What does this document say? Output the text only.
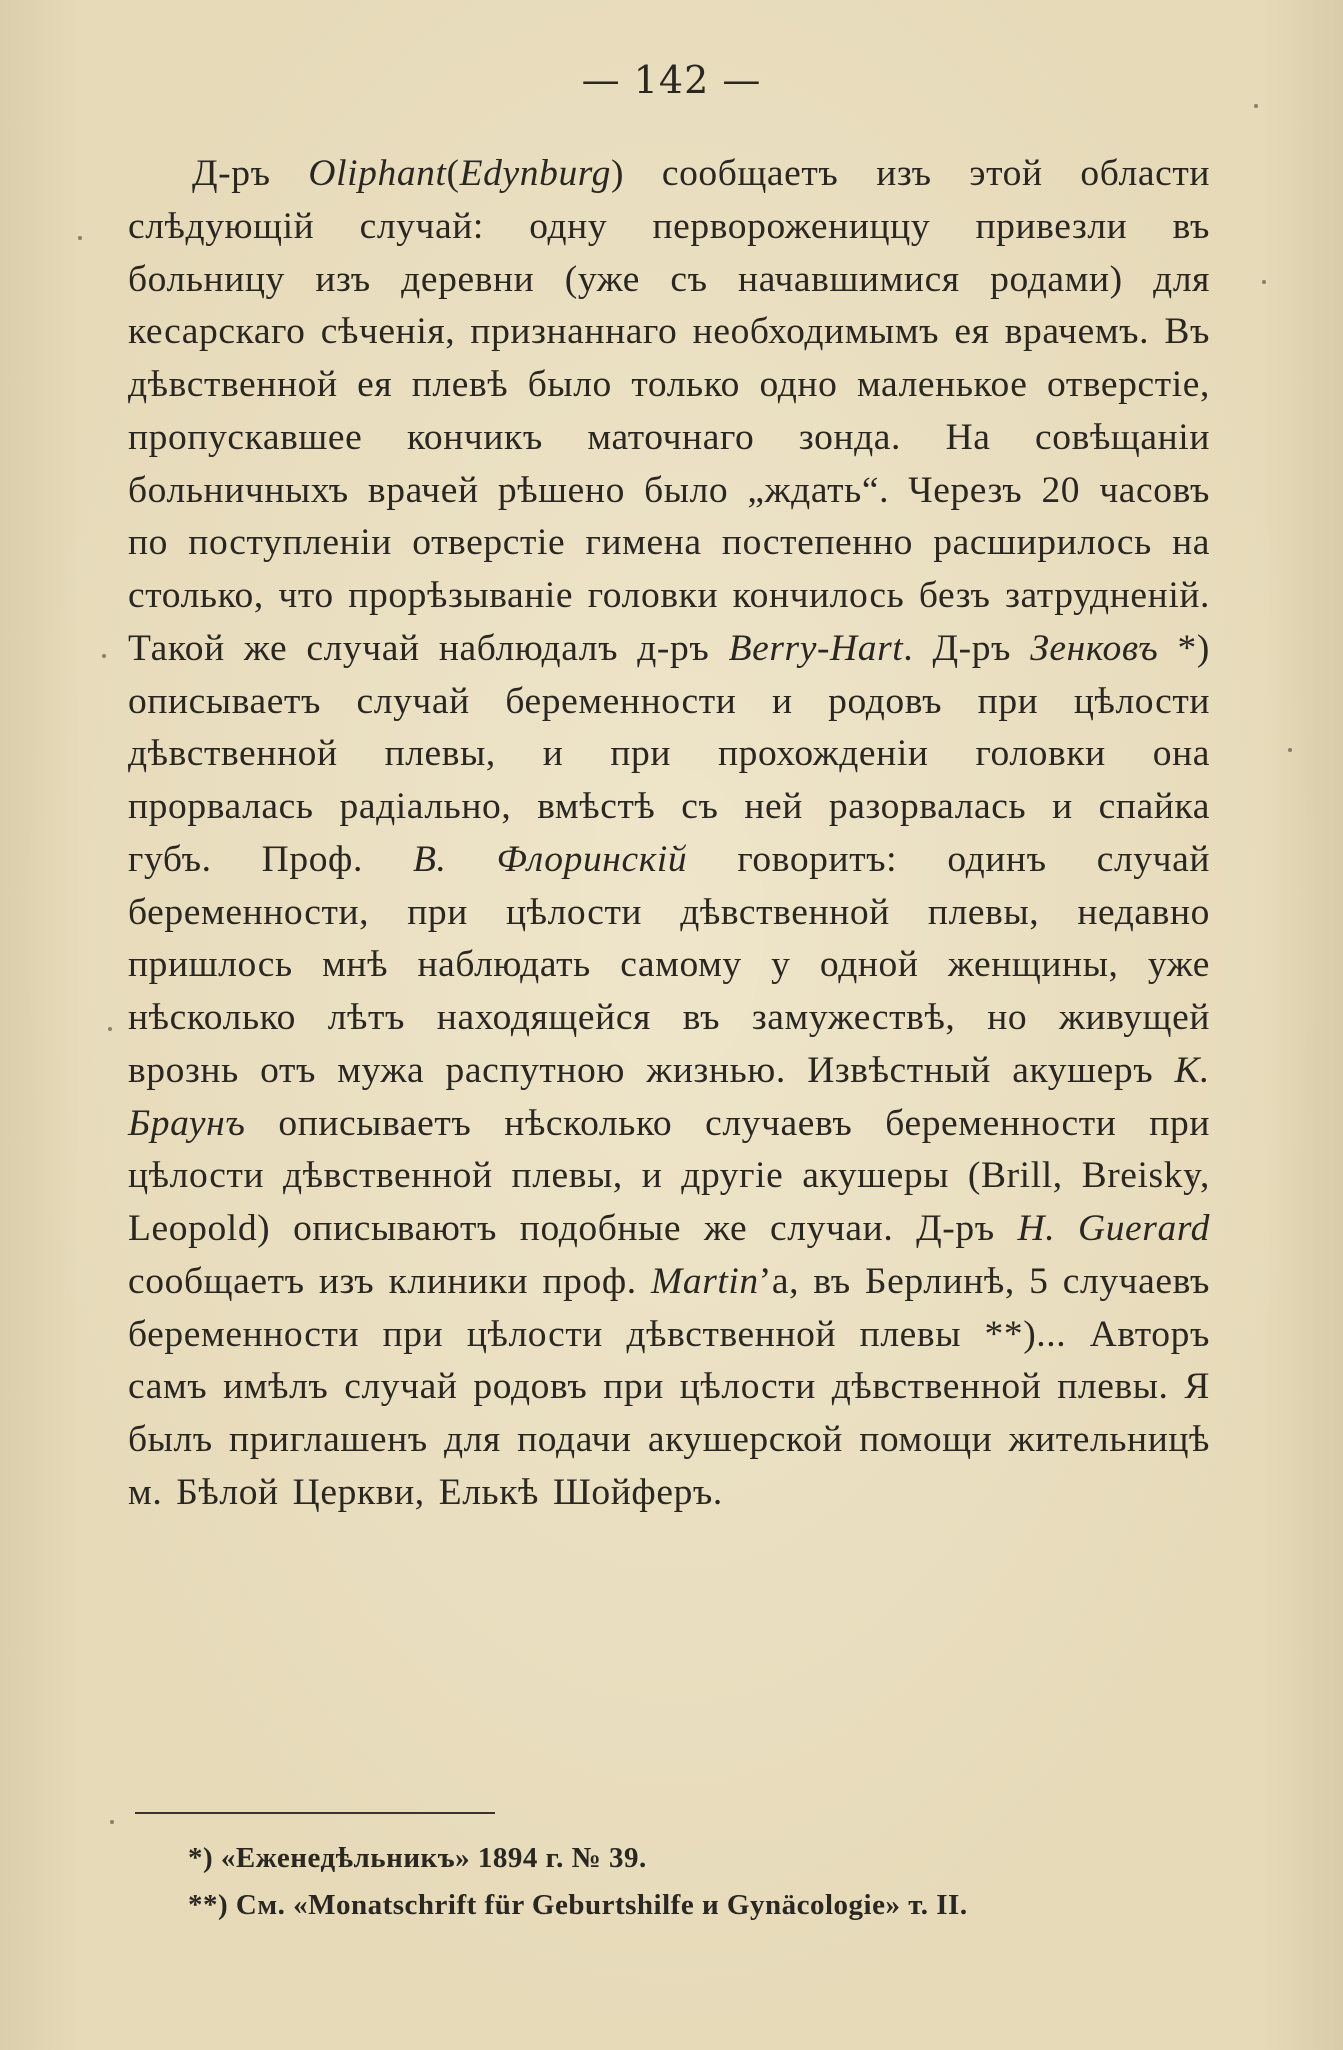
— 142 —

Д-ръ Oliphant(Edynburg) сообщаетъ изъ этой области слѣдующій случай: одну перворожениццу привезли въ больницу изъ деревни (уже съ начавшимися родами) для кесарскаго сѣченія, признаннаго необходимымъ ея врачемъ. Въ дѣвственной ея плевѣ было только одно маленькое отверстіе, пропускавшее кончикъ маточнаго зонда. На совѣщаніи больничныхъ врачей рѣшено было „ждать“. Черезъ 20 часовъ по поступленіи отверстіе гимена постепенно расширилось на столько, что прорѣзываніе головки кончилось безъ затрудненій. Такой же случай наблюдалъ д-ръ Berry-Hart. Д-ръ Зенковъ *) описываетъ случай беременности и родовъ при цѣлости дѣвственной плевы, и при прохожденіи головки она прорвалась радіально, вмѣстѣ съ ней разорвалась и спайка губъ. Проф. В. Флоринскій говоритъ: одинъ случай беременности, при цѣлости дѣвственной плевы, недавно пришлось мнѣ наблюдать самому у одной женщины, уже нѣсколько лѣтъ находящейся въ замужествѣ, но живущей врознь отъ мужа распутною жизнью. Извѣстный акушеръ К. Браунъ описываетъ нѣсколько случаевъ беременности при цѣлости дѣвственной плевы, и другіе акушеры (Brill, Breisky, Leopold) описываютъ подобные же случаи. Д-ръ H. Guerard сообщаетъ изъ клиники проф. Martin’а, въ Берлинѣ, 5 случаевъ беременности при цѣлости дѣвственной плевы **)... Авторъ самъ имѣлъ случай родовъ при цѣлости дѣвственной плевы. Я былъ приглашенъ для подачи акушерской помощи жительницѣ м. Бѣлой Церкви, Елькѣ Шойферъ.

*) «Еженедѣльникъ» 1894 г. № 39.
**) См. «Monatschrift für Geburtshilfe и Gynäcologie» т. II.
